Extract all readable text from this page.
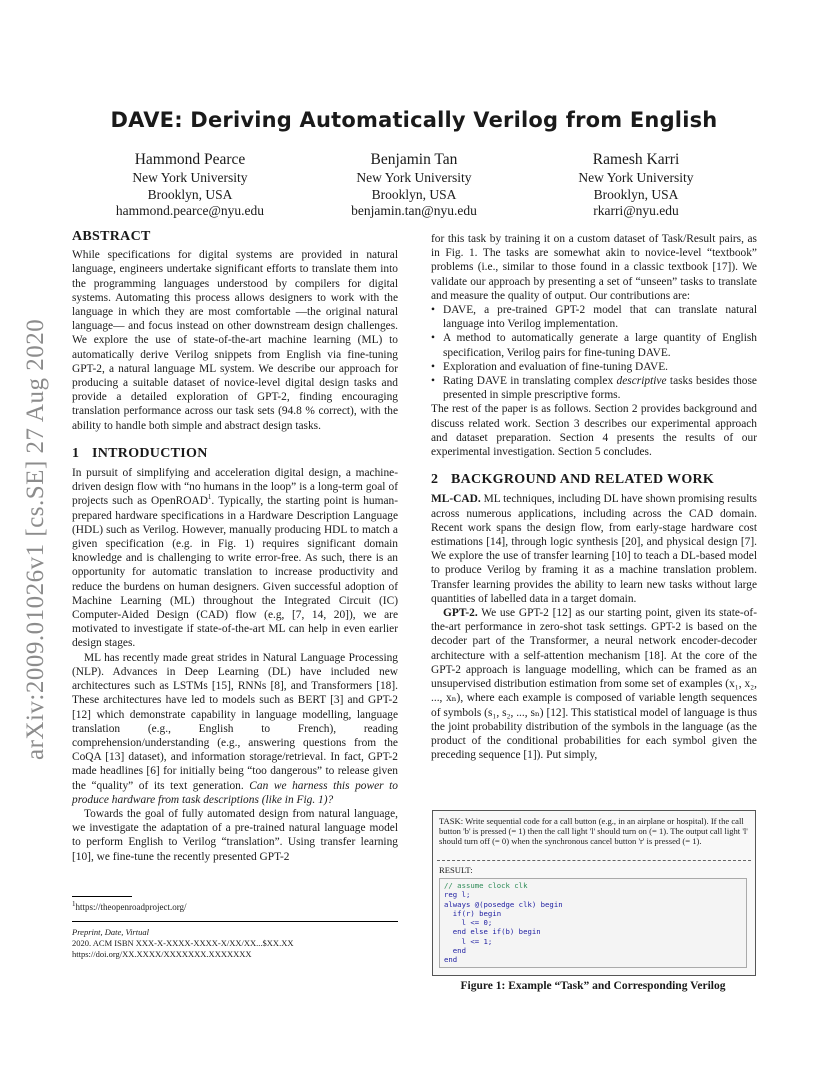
arXiv:2009.01026v1 [cs.SE] 27 Aug 2020
DAVE: Deriving Automatically Verilog from English
Hammond Pearce
New York University
Brooklyn, USA
hammond.pearce@nyu.edu
Benjamin Tan
New York University
Brooklyn, USA
benjamin.tan@nyu.edu
Ramesh Karri
New York University
Brooklyn, USA
rkarri@nyu.edu
ABSTRACT

While specifications for digital systems are provided in natural language, engineers undertake significant efforts to translate them into the programming languages understood by compilers for digital systems. Automating this process allows designers to work with the language in which they are most comfortable —the original natural language— and focus instead on other downstream design challenges. We explore the use of state-of-the-art machine learning (ML) to automatically derive Verilog snippets from English via fine-tuning GPT-2, a natural language ML system. We describe our approach for producing a suitable dataset of novice-level digital design tasks and provide a detailed exploration of GPT-2, finding encouraging translation performance across our task sets (94.8 % correct), with the ability to handle both simple and abstract design tasks.

1 INTRODUCTION

In pursuit of simplifying and acceleration digital design, a machine-driven design flow with “no humans in the loop” is a long-term goal of projects such as OpenROAD$^1$. Typically, the starting point is human-prepared hardware specifications in a Hardware Description Language (HDL) such as Verilog. However, manually producing HDL to match a given specification (e.g. in Fig. 1) requires significant domain knowledge and is challenging to write error-free. As such, there is an opportunity for automatic translation to increase productivity and reduce the burdens on human designers. Given successful adoption of Machine Learning (ML) throughout the Integrated Circuit (IC) Computer-Aided Design (CAD) flow (e.g, [7, 14, 20]), we are motivated to investigate if state-of-the-art ML can help in even earlier design stages.

ML has recently made great strides in Natural Language Processing (NLP). Advances in Deep Learning (DL) have included new architectures such as LSTMs [15], RNNs [8], and Transformers [18]. These architectures have led to models such as BERT [3] and GPT-2 [12] which demonstrate capability in language modelling, language translation (e.g., English to French), reading comprehension/understanding (e.g., answering questions from the CoQA [13] dataset), and information storage/retrieval. In fact, GPT-2 made headlines [6] for initially being “too dangerous” to release given the “quality” of its text generation. Can we harness this power to produce hardware from task descriptions (like in Fig. 1)?

Towards the goal of fully automated design from natural language, we investigate the adaptation of a pre-trained natural language model to perform English to Verilog “translation”. Using transfer learning [10], we fine-tune the recently presented GPT-2

$^1$https://theopenroadproject.org/
Preprint, Date, Virtual
2020. ACM ISBN XXX-X-XXXX-XXXX-X/XX/XX...$XX.XX
https://doi.org/XX.XXXX/XXXXXXX.XXXXXXX

for this task by training it on a custom dataset of Task/Result pairs, as in Fig. 1. The tasks are somewhat akin to novice-level “textbook” problems (i.e., similar to those found in a classic textbook [17]). We validate our approach by presenting a set of “unseen” tasks to translate and measure the quality of output. Our contributions are:

• DAVE, a pre-trained GPT-2 model that can translate natural language into Verilog implementation.
• A method to automatically generate a large quantity of English specification, Verilog pairs for fine-tuning DAVE.
• Exploration and evaluation of fine-tuning DAVE.
• Rating DAVE in translating complex descriptive tasks besides those presented in simple prescriptive forms.

The rest of the paper is as follows. Section 2 provides background and discuss related work. Section 3 describes our experimental approach and dataset preparation. Section 4 presents the results of our experimental investigation. Section 5 concludes.

2 BACKGROUND AND RELATED WORK

ML-CAD. ML techniques, including DL have shown promising results across numerous applications, including across the CAD domain. Recent work spans the design flow, from early-stage hardware cost estimations [14], through logic synthesis [20], and physical design [7]. We explore the use of transfer learning [10] to teach a DL-based model to produce Verilog by framing it as a machine translation problem. Transfer learning provides the ability to learn new tasks without large quantities of labelled data in a target domain.

GPT-2. We use GPT-2 [12] as our starting point, given its state-of-the-art performance in zero-shot task settings. GPT-2 is based on the decoder part of the Transformer, a neural network encoder-decoder architecture with a self-attention mechanism [18]. At the core of the GPT-2 approach is language modelling, which can be framed as an unsupervised distribution estimation from some set of examples (x₁, x₂, ..., xₙ), where each example is composed of variable length sequences of symbols (s₁, s₂, ..., sₙ) [12]. This statistical model of language is thus the joint probability distribution of the symbols in the language (as the product of the conditional probabilities for each symbol given the preceding sequence [1]). Put simply,

TASK: Write sequential code for a call button (e.g., in an airplane or hospital). If the call button 'b' is pressed (= 1) then the call light 'l' should turn on (= 1). The output call light 'l' should turn off (= 0) when the synchronous cancel button 'r' is pressed (= 1).
RESULT:
// assume clock clk
reg l;
always @(posedge clk) begin
if(r) begin
l <= 0;
end else if(b) begin
l <= 1;
end
end
Figure 1: Example “Task” and Corresponding Verilog
